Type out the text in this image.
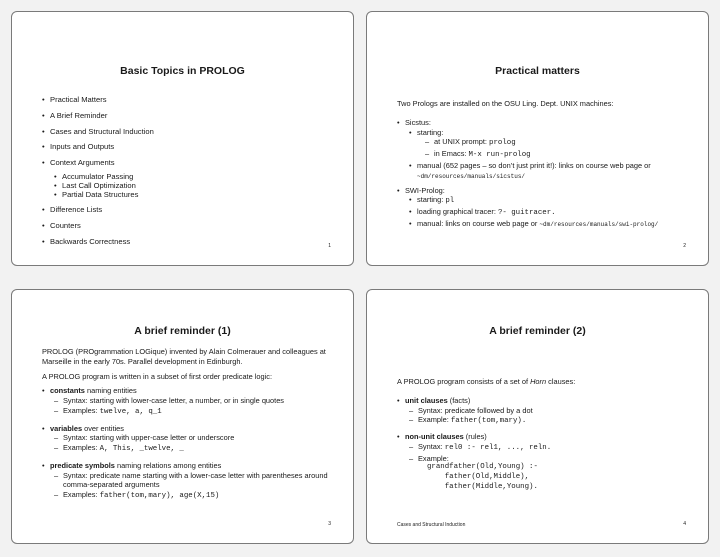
Basic Topics in PROLOG
• Practical Matters
• A Brief Reminder
• Cases and Structural Induction
• Inputs and Outputs
• Context Arguments
• Accumulator Passing
• Last Call Optimization
• Partial Data Structures
• Difference Lists
• Counters
• Backwards Correctness	1
Practical matters
Two Prologs are installed on the OSU Ling. Dept. UNIX machines:
• Sicstus:
• starting:
– at UNIX prompt: prolog
– in Emacs: M-x run-prolog
• manual (652 pages – so don’t just print it!): links on course web page or ~dm/resources/manuals/sicstus/
• SWI-Prolog:
• starting: pl
• loading graphical tracer: ?- guitracer.
• manual: links on course web page or ~dm/resources/manuals/swi-prolog/
2
A brief reminder (1)

PROLOG (PROgrammation LOGique) invented by Alain Colmerauer and colleagues at Marseille in the early 70s. Parallel development in Edinburgh.

A PROLOG program is written in a subset of first order predicate logic:

• constants naming entities
– Syntax: starting with lower-case letter, a number, or in single quotes
– Examples: twelve, a, q_1
• variables over entities
– Syntax: starting with upper-case letter or underscore
– Examples: A, This, _twelve, _
• predicate symbols naming relations among entities
– Syntax: predicate name starting with a lower-case letter with parentheses around comma-separated arguments
– Examples: father(tom,mary), age(X,15)
3
A brief reminder (2)
A PROLOG program consists of a set of Horn clauses:
• unit clauses (facts)
– Syntax: predicate followed by a dot
– Example: father(tom,mary).
• non-unit clauses (rules)
– Syntax: rel0 :- rel1, ..., reln.
– Example:
grandfather(Old,Young) :-
father(Old,Middle),
father(Middle,Young).
Cases and Structural Induction	4
